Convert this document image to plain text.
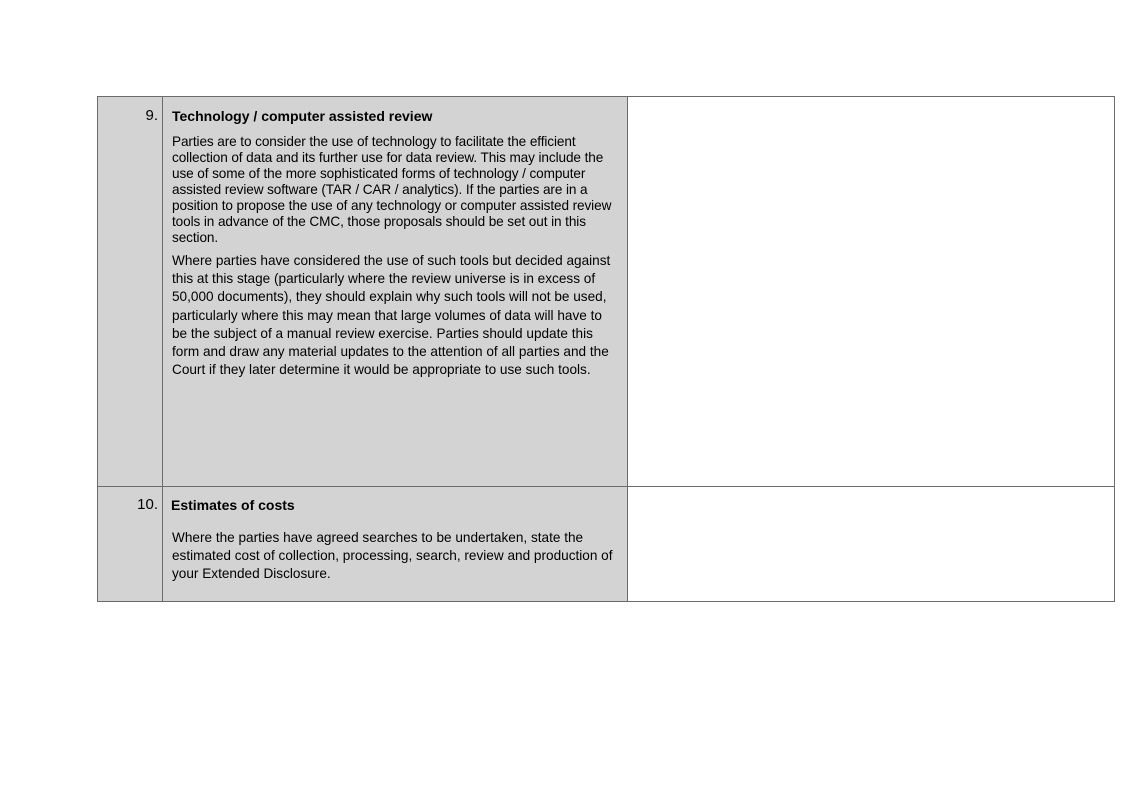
9.	Technology / computer assisted review

Parties are to consider the use of technology to facilitate the efficient collection of data and its further use for data review. This may include the use of some of the more sophisticated forms of technology / computer assisted review software (TAR / CAR / analytics). If the parties are in a position to propose the use of any technology or computer assisted review tools in advance of the CMC, those proposals should be set out in this section.

Where parties have considered the use of such tools but decided against this at this stage (particularly where the review universe is in excess of 50,000 documents), they should explain why such tools will not be used, particularly where this may mean that large volumes of data will have to be the subject of a manual review exercise. Parties should update this form and draw any material updates to the attention of all parties and the Court if they later determine it would be appropriate to use such tools.	

10.	Estimates of costs

Where the parties have agreed searches to be undertaken, state the estimated cost of collection, processing, search, review and production of your Extended Disclosure.	
